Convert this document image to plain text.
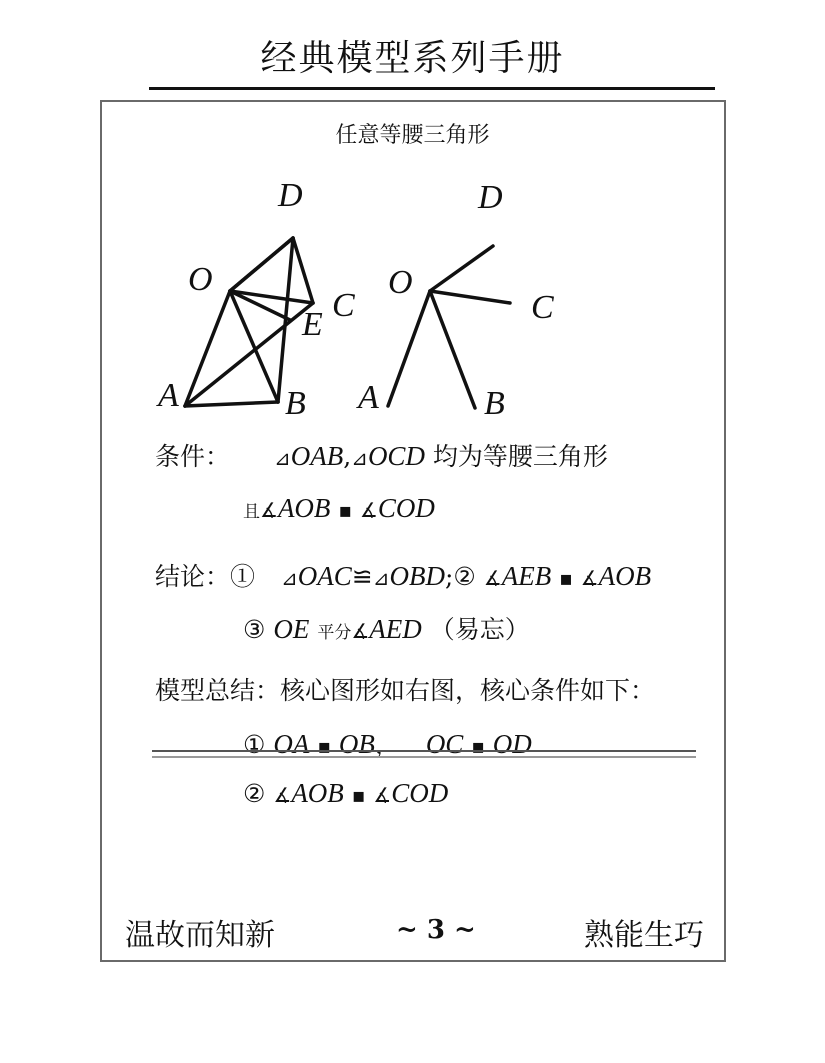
经典模型系列手册
任意等腰三角形
D
O
C
E
A	B
D
O
C
A	B
条件： ⊿OAB,⊿OCD 均为等腰三角形
且∡AOB ▪ ∡COD
结论：① ⊿OAC≌⊿OBD;② ∡AEB ▪ ∡AOB
③ OE 平分∡AED （易忘）
模型总结：核心图形如右图，核心条件如下：
① OA ▪ OB， OC ▪ OD
② ∡AOB ▪ ∡COD
温故而知新	~ 3 ~	熟能生巧
